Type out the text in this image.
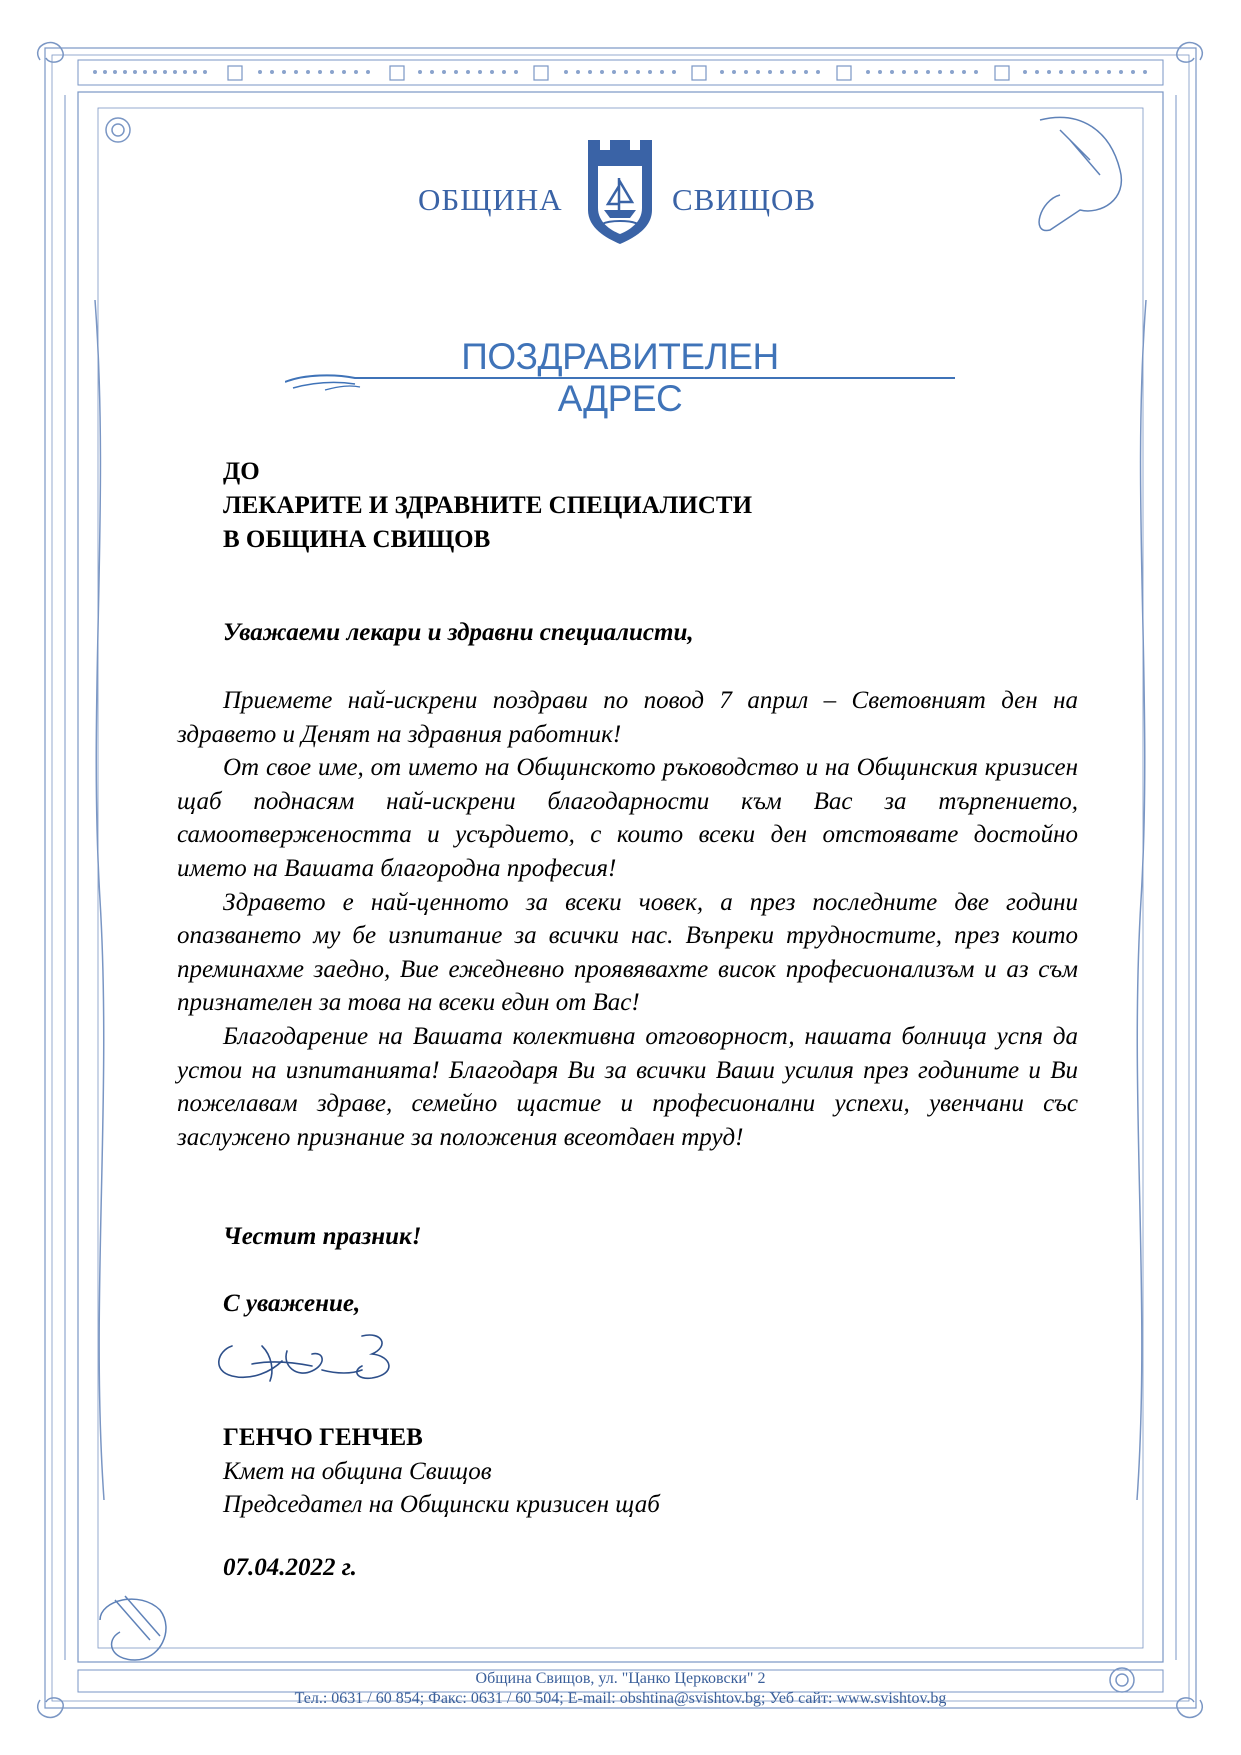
ОБЩИНА	СВИЩОВ
ПОЗДРАВИТЕЛЕН АДРЕС
ДО
ЛЕКАРИТЕ И ЗДРАВНИТЕ СПЕЦИАЛИСТИ
В ОБЩИНА СВИЩОВ
Уважаеми лекари и здравни специалисти,

Приемете най-искрени поздрави по повод 7 април – Световният ден на здравето и Денят на здравния работник!

От свое име, от името на Общинското ръководство и на Общинския кризисен щаб поднасям най-искрени благодарности към Вас за търпението, самоотвержеността и усърдието, с които всеки ден отстоявате достойно името на Вашата благородна професия!

Здравето е най-ценното за всеки човек, а през последните две години опазването му бе изпитание за всички нас. Въпреки трудностите, през които преминахме заедно, Вие ежедневно проявявахте висок професионализъм и аз съм признателен за това на всеки един от Вас!

Благодарение на Вашата колективна отговорност, нашата болница успя да устои на изпитанията! Благодаря Ви за всички Ваши усилия през годините и Ви пожелавам здраве, семейно щастие и професионални успехи, увенчани със заслужено признание за положения всеотдаен труд!

Честит празник!
С уважение,
ГЕНЧО ГЕНЧЕВ
Кмет на община Свищов
Председател на Общински кризисен щаб
07.04.2022 г.
Община Свищов, ул. "Цанко Церковски" 2
Тел.: 0631 / 60 854; Факс: 0631 / 60 504; E-mail: obshtina@svishtov.bg; Уеб сайт: www.svishtov.bg
